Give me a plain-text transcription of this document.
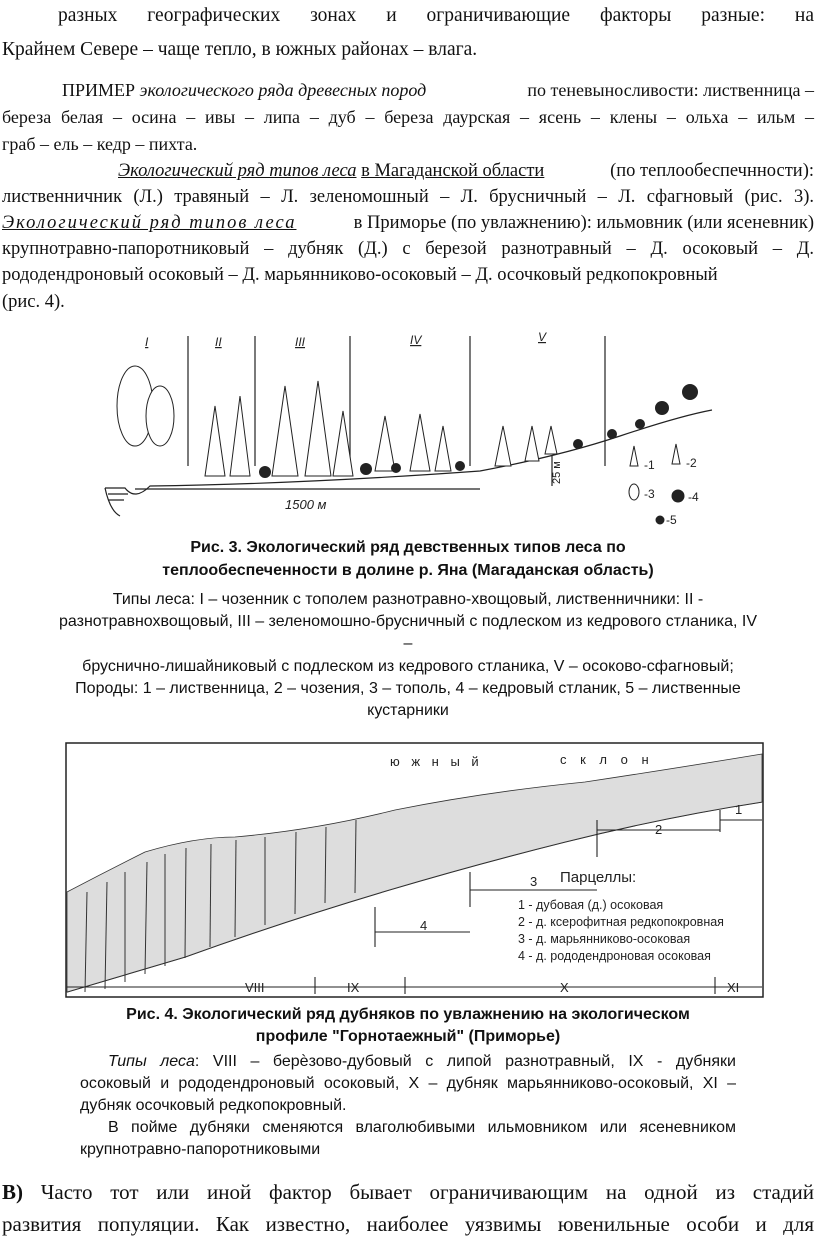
разных географических зонах и ограничивающие факторы разные: на
Крайнем Севере – чаще тепло, в южных районах – влага.
ПРИМЕР экологического ряда древесных пород	по теневыносливости: лиственница –
береза белая – осина – ивы – липа – дуб – береза даурская – ясень – клены – ольха – ильм –
граб – ель – кедр – пихта.
Экологический ряд типов леса в Магаданской области	(по теплообеспечнности):
лиственничник (Л.) травяный – Л. зеленомошный – Л. брусничный – Л. сфагновый (рис. 3).
Экологический ряд типов леса	в Приморье (по увлажнению): ильмовник (или ясеневник)
крупнотравно-папоротниковый – дубняк (Д.) с березой разнотравный – Д. осоковый – Д.
рододендроновый осоковый – Д. марьянниково-осоковый – Д. осочковый редкопокровный
(рис. 4).
1500 м
25 м
I	II	III	IV	V
-1	-2
-3	-4
-5
Рис. 3. Экологический ряд девственных типов леса по
теплообеспеченности в долине р. Яна (Магаданская область)
Типы леса: I – чозенник с тополем разнотравно-хвощовый, лиственничники: II -
разнотравнохвощовый, III – зеленомошно-брусничный с подлеском из кедрового стланика, IV
–
бруснично-лишайниковый с подлеском из кедрового стланика, V – осоково-сфагновый;
Породы: 1 – лиственница, 2 – чозения, 3 – тополь, 4 – кедровый стланик, 5 – лиственные
кустарники
1
2
3
4
VIII	IX	X	XI
ю ж н ы й	с к л о н
Парцеллы:
1 - дубовая (д.) осоковая
2 - д. ксерофитная редкопокровная
3 - д. марьянниково-осоковая
4 - д. рододендроновая осоковая
Рис. 4. Экологический ряд дубняков по увлажнению на экологическом
профиле "Горнотаежный" (Приморье)
Типы леса: VIII – берѐзово-дубовый с липой разнотравный, IX - дубняки
осоковый и рододендроновый осоковый, X – дубняк марьянниково-осоковый, XI –
дубняк осочковый редкопокровный.
В пойме дубняки сменяются влаголюбивыми ильмовником или ясеневником
крупнотравно-папоротниковыми
В) Часто тот или иной фактор бывает ограничивающим на одной из стадий
развития популяции. Как известно, наиболее уязвимы ювенильные особи и для
